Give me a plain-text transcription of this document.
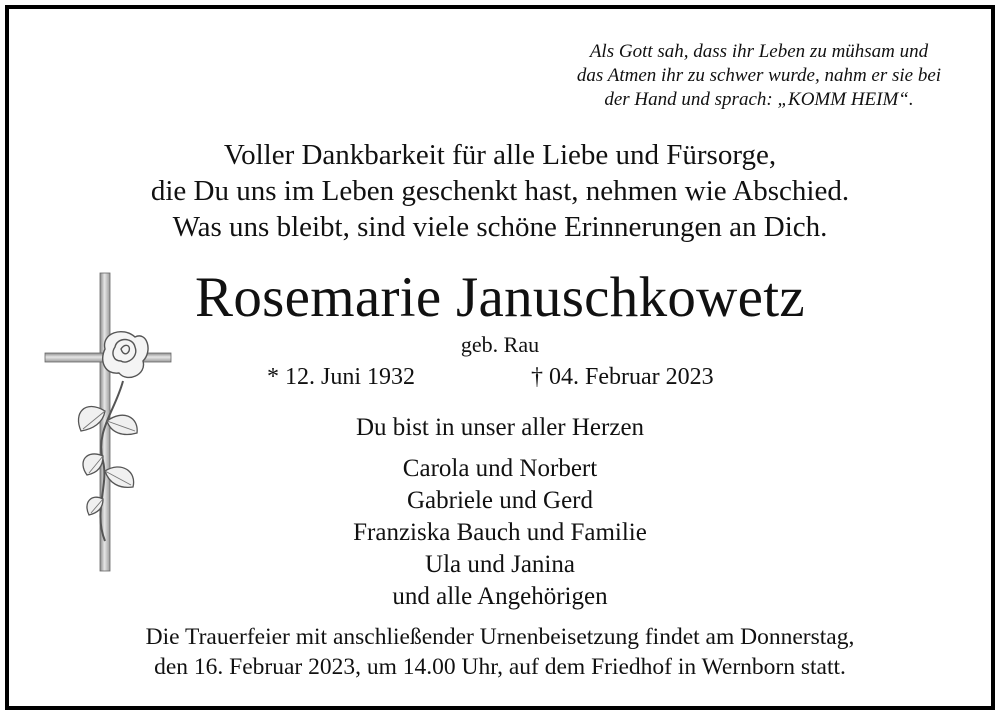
Als Gott sah, dass ihr Leben zu mühsam und
das Atmen ihr zu schwer wurde, nahm er sie bei
der Hand und sprach: „KOMM HEIM“.
Voller Dankbarkeit für alle Liebe und Fürsorge,
die Du uns im Leben geschenkt hast, nehmen wie Abschied.
Was uns bleibt, sind viele schöne Erinnerungen an Dich.
Rosemarie Januschkowetz
geb. Rau
* 12. Juni 1932	† 04. Februar 2023
Du bist in unser aller Herzen
Carola und Norbert
Gabriele und Gerd
Franziska Bauch und Familie
Ula und Janina
und alle Angehörigen
Die Trauerfeier mit anschließender Urnenbeisetzung findet am Donnerstag,
den 16. Februar 2023, um 14.00 Uhr, auf dem Friedhof in Wernborn statt.
